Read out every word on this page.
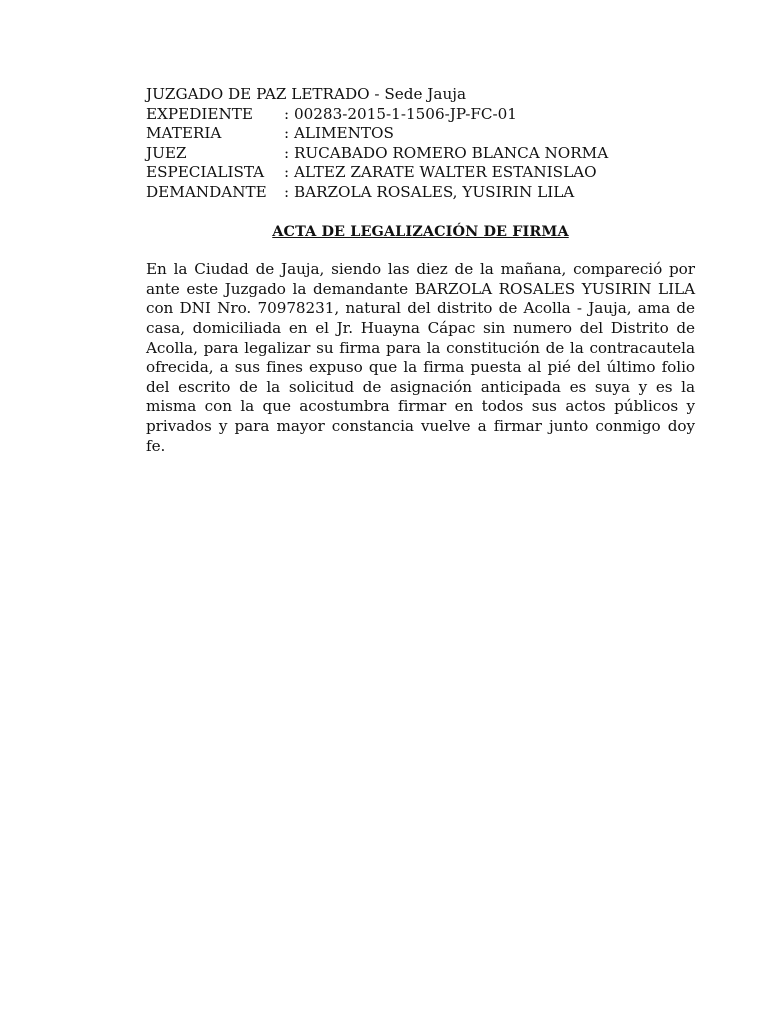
JUZGADO DE PAZ LETRADO - Sede Jauja
EXPEDIENTE	: 00283-2015-1-1506-JP-FC-01
MATERIA	: ALIMENTOS
JUEZ	: RUCABADO ROMERO BLANCA NORMA
ESPECIALISTA	: ALTEZ ZARATE WALTER ESTANISLAO
DEMANDANTE	: BARZOLA ROSALES, YUSIRIN LILA
ACTA DE LEGALIZACIÓN DE FIRMA

En la Ciudad de Jauja, siendo las diez de la mañana, compareció por ante este Juzgado la demandante BARZOLA ROSALES YUSIRIN LILA con DNI Nro. 70978231, natural del distrito de Acolla - Jauja, ama de casa, domiciliada en el Jr. Huayna Cápac sin numero del Distrito de Acolla, para legalizar su firma para la constitución de la contracautela ofrecida, a sus fines expuso que la firma puesta al pié del último folio del escrito de la solicitud de asignación anticipada es suya y es la misma con la que acostumbra firmar en todos sus actos públicos y privados y para mayor constancia vuelve a firmar junto conmigo doy fe.
